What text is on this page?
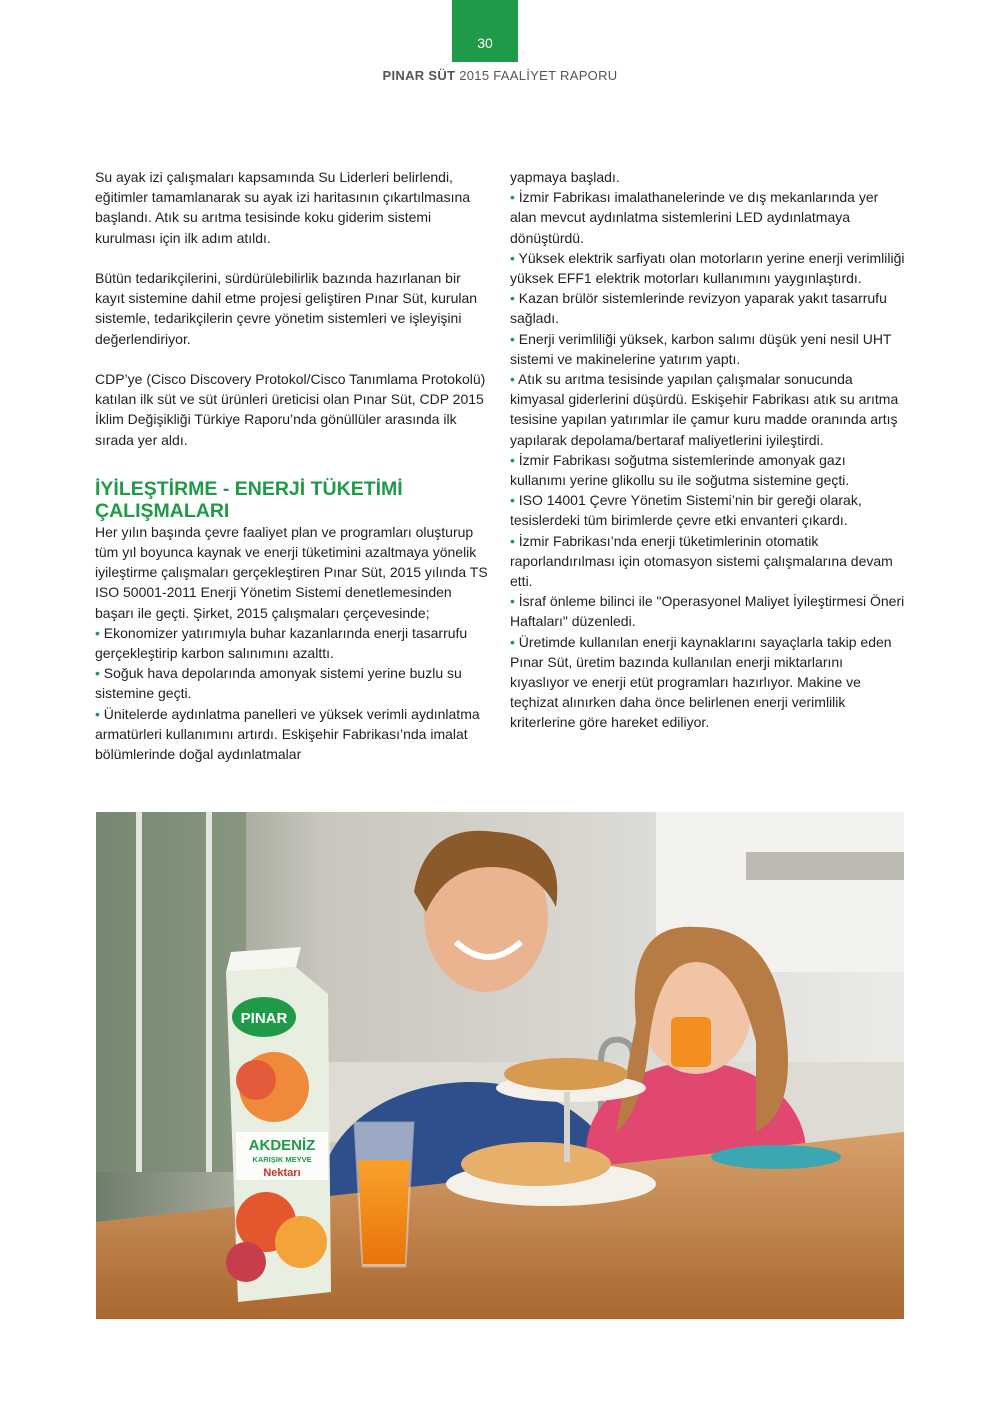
30
PINAR SÜT 2015 FAALİYET RAPORU

Su ayak izi çalışmaları kapsamında Su Liderleri belirlendi, eğitimler tamamlanarak su ayak izi haritasının çıkartılmasına başlandı. Atık su arıtma tesisinde koku giderim sistemi kurulması için ilk adım atıldı.

Bütün tedarikçilerini, sürdürülebilirlik bazında hazırlanan bir kayıt sistemine dahil etme projesi geliştiren Pınar Süt, kurulan sistemle, tedarikçilerin çevre yönetim sistemleri ve işleyişini değerlendiriyor.

CDP’ye (Cisco Discovery Protokol/Cisco Tanımlama Protokolü) katılan ilk süt ve süt ürünleri üreticisi olan Pınar Süt, CDP 2015 İklim Değişikliği Türkiye Raporu’nda gönüllüler arasında ilk sırada yer aldı.

İYİLEŞTİRME - ENERJİ TÜKETİMİ ÇALIŞMALARI

Her yılın başında çevre faaliyet plan ve programları oluşturup tüm yıl boyunca kaynak ve enerji tüketimini azaltmaya yönelik iyileştirme çalışmaları gerçekleştiren Pınar Süt, 2015 yılında TS ISO 50001-2011 Enerji Yönetim Sistemi denetlemesinden başarı ile geçti. Şirket, 2015 çalışmaları çerçevesinde;

• Ekonomizer yatırımıyla buhar kazanlarında enerji tasarrufu gerçekleştirip karbon salınımını azalttı.

• Soğuk hava depolarında amonyak sistemi yerine buzlu su sistemine geçti.

• Ünitelerde aydınlatma panelleri ve yüksek verimli aydınlatma armatürleri kullanımını artırdı. Eskişehir Fabrikası’nda imalat bölümlerinde doğal aydınlatmalar

yapmaya başladı.

• İzmir Fabrikası imalathanelerinde ve dış mekanlarında yer alan mevcut aydınlatma sistemlerini LED aydınlatmaya dönüştürdü.

• Yüksek elektrik sarfiyatı olan motorların yerine enerji verimliliği yüksek EFF1 elektrik motorları kullanımını yaygınlaştırdı.

• Kazan brülör sistemlerinde revizyon yaparak yakıt tasarrufu sağladı.

• Enerji verimliliği yüksek, karbon salımı düşük yeni nesil UHT sistemi ve makinelerine yatırım yaptı.

• Atık su arıtma tesisinde yapılan çalışmalar sonucunda kimyasal giderlerini düşürdü. Eskişehir Fabrikası atık su arıtma tesisine yapılan yatırımlar ile çamur kuru madde oranında artış yapılarak depolama/bertaraf maliyetlerini iyileştirdi.

• İzmir Fabrikası soğutma sistemlerinde amonyak gazı kullanımı yerine glikollu su ile soğutma sistemine geçti.

• ISO 14001 Çevre Yönetim Sistemi’nin bir gereği olarak, tesislerdeki tüm birimlerde çevre etki envanteri çıkardı.

• İzmir Fabrikası’nda enerji tüketimlerinin otomatik raporlandırılması için otomasyon sistemi çalışmalarına devam etti.

• İsraf önleme bilinci ile "Operasyonel Maliyet İyileştirmesi Öneri Haftaları" düzenledi.

• Üretimde kullanılan enerji kaynaklarını sayaçlarla takip eden Pınar Süt, üretim bazında kullanılan enerji miktarlarını kıyaslıyor ve enerji etüt programları hazırlıyor. Makine ve teçhizat alınırken daha önce belirlenen enerji verimlilik kriterlerine göre hareket ediliyor.

PINAR
AKDENİZ
KARIŞIK MEYVE
Nektarı
